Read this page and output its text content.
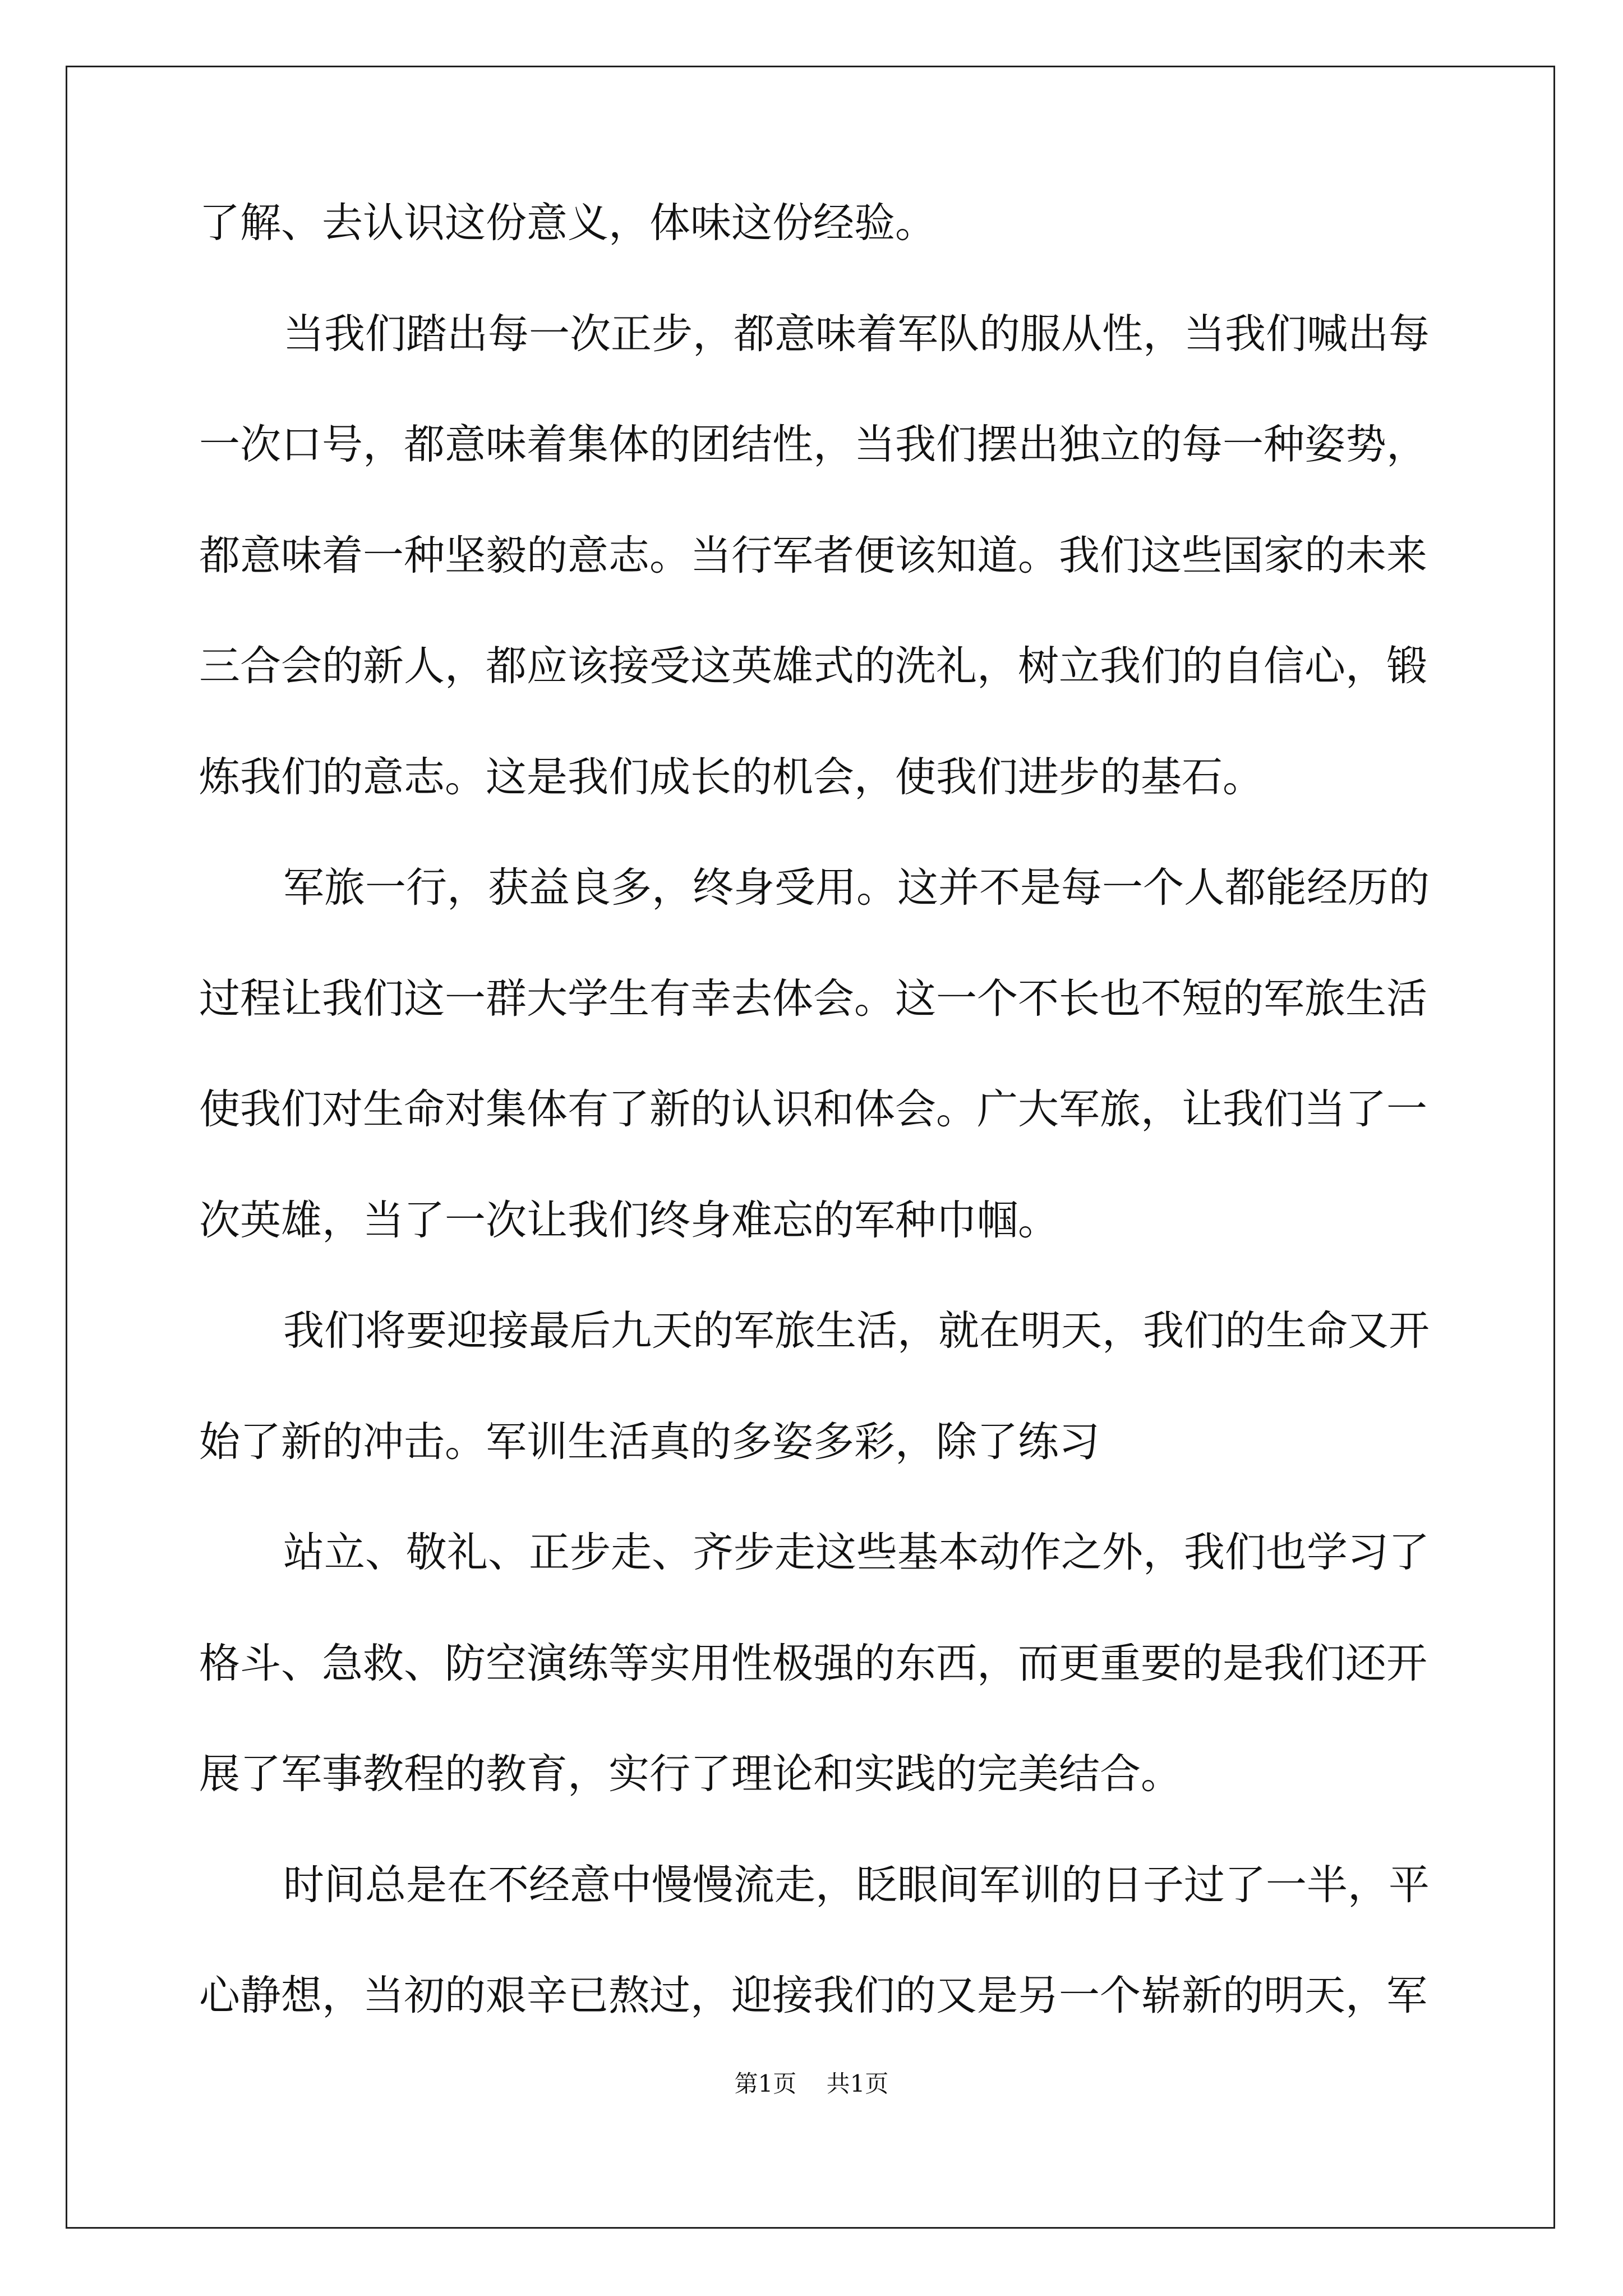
了解、去认识这份意义，体味这份经验。
当我们踏出每一次正步，都意味着军队的服从性，当我们喊出每
一次口号，都意味着集体的团结性，当我们摆出独立的每一种姿势，
都意味着一种坚毅的意志。当行军者便该知道。我们这些国家的未来
三合会的新人，都应该接受这英雄式的洗礼，树立我们的自信心，锻
炼我们的意志。这是我们成长的机会，使我们进步的基石。
军旅一行，获益良多，终身受用。这并不是每一个人都能经历的
过程让我们这一群大学生有幸去体会。这一个不长也不短的军旅生活
使我们对生命对集体有了新的认识和体会。广大军旅，让我们当了一
次英雄，当了一次让我们终身难忘的军种巾帼。
我们将要迎接最后九天的军旅生活，就在明天，我们的生命又开
始了新的冲击。军训生活真的多姿多彩，除了练习
站立、敬礼、正步走、齐步走这些基本动作之外，我们也学习了
格斗、急救、防空演练等实用性极强的东西，而更重要的是我们还开
展了军事教程的教育，实行了理论和实践的完美结合。
时间总是在不经意中慢慢流走，眨眼间军训的日子过了一半，平
心静想，当初的艰辛已熬过，迎接我们的又是另一个崭新的明天，军
第1页 共1页
